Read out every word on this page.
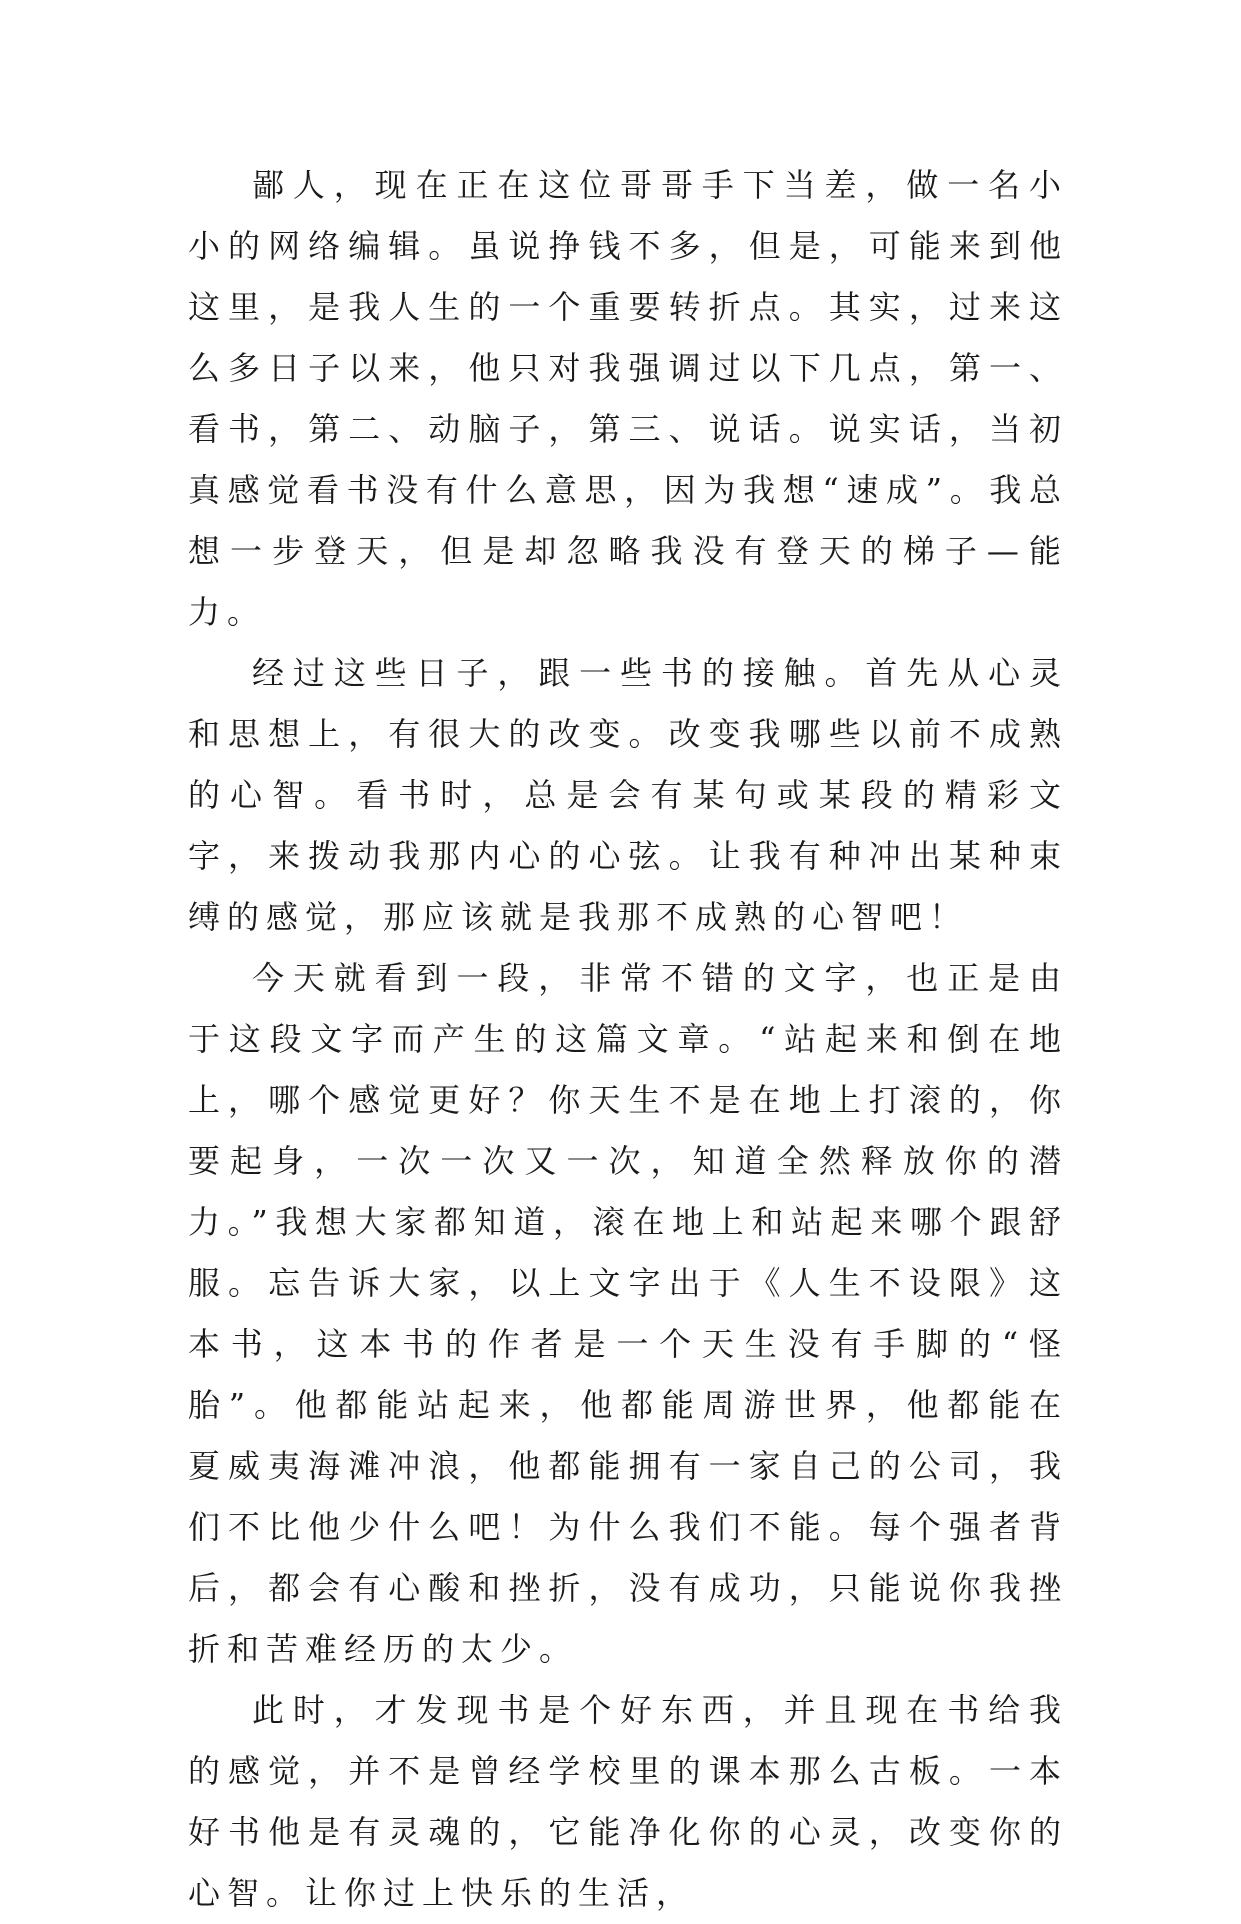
鄙人，现在正在这位哥哥手下当差，做一名小小的网络编辑。虽说挣钱不多，但是，可能来到他这里，是我人生的一个重要转折点。其实，过来这么多日子以来，他只对我强调过以下几点，第一、看书，第二、动脑子，第三、说话。说实话，当初真感觉看书没有什么意思，因为我想“速成”。我总想一步登天，但是却忽略我没有登天的梯子—能力。

经过这些日子，跟一些书的接触。首先从心灵和思想上，有很大的改变。改变我哪些以前不成熟的心智。看书时，总是会有某句或某段的精彩文字，来拨动我那内心的心弦。让我有种冲出某种束缚的感觉，那应该就是我那不成熟的心智吧！

今天就看到一段，非常不错的文字，也正是由于这段文字而产生的这篇文章。“站起来和倒在地上，哪个感觉更好？你天生不是在地上打滚的，你要起身，一次一次又一次，知道全然释放你的潜力。”我想大家都知道，滚在地上和站起来哪个跟舒服。忘告诉大家，以上文字出于《人生不设限》这本书，这本书的作者是一个天生没有手脚的“怪胎”。他都能站起来，他都能周游世界，他都能在夏威夷海滩冲浪，他都能拥有一家自己的公司，我们不比他少什么吧！为什么我们不能。每个强者背后，都会有心酸和挫折，没有成功，只能说你我挫折和苦难经历的太少。

此时，才发现书是个好东西，并且现在书给我的感觉，并不是曾经学校里的课本那么古板。一本好书他是有灵魂的，它能净化你的心灵，改变你的心智。让你过上快乐的生活，
